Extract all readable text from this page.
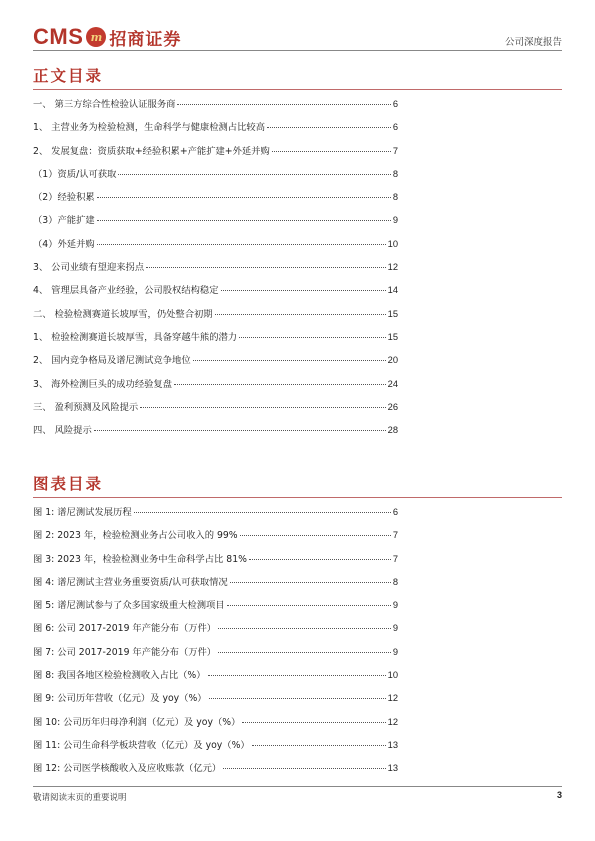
CMS m 招商证券	公司深度报告
正文目录
一、 第三方综合性检验认证服务商	6
1、 主营业务为检验检测，生命科学与健康检测占比较高	6
2、 发展复盘：资质获取+经验积累+产能扩建+外延并购	7
（1）资质/认可获取	8
（2）经验积累	8
（3）产能扩建	9
（4）外延并购	10
3、 公司业绩有望迎来拐点	12
4、 管理层具备产业经验，公司股权结构稳定	14
二、 检验检测赛道长坡厚雪，仍处整合初期	15
1、 检验检测赛道长坡厚雪，具备穿越牛熊的潜力	15
2、 国内竞争格局及谱尼测试竞争地位	20
3、 海外检测巨头的成功经验复盘	24
三、 盈利预测及风险提示	26
四、 风险提示	28
图表目录
图 1: 谱尼测试发展历程	6
图 2: 2023 年，检验检测业务占公司收入的 99%	7
图 3: 2023 年，检验检测业务中生命科学占比 81%	7
图 4: 谱尼测试主营业务重要资质/认可获取情况	8
图 5: 谱尼测试参与了众多国家级重大检测项目	9
图 6: 公司 2017-2019 年产能分布（万件）	9
图 7: 公司 2017-2019 年产能分布（万件）	9
图 8: 我国各地区检验检测收入占比（%）	10
图 9: 公司历年营收（亿元）及 yoy（%）	12
图 10: 公司历年归母净利润（亿元）及 yoy（%）	12
图 11: 公司生命科学板块营收（亿元）及 yoy（%）	13
图 12: 公司医学核酸收入及应收账款（亿元）	13
敬请阅读末页的重要说明	3
